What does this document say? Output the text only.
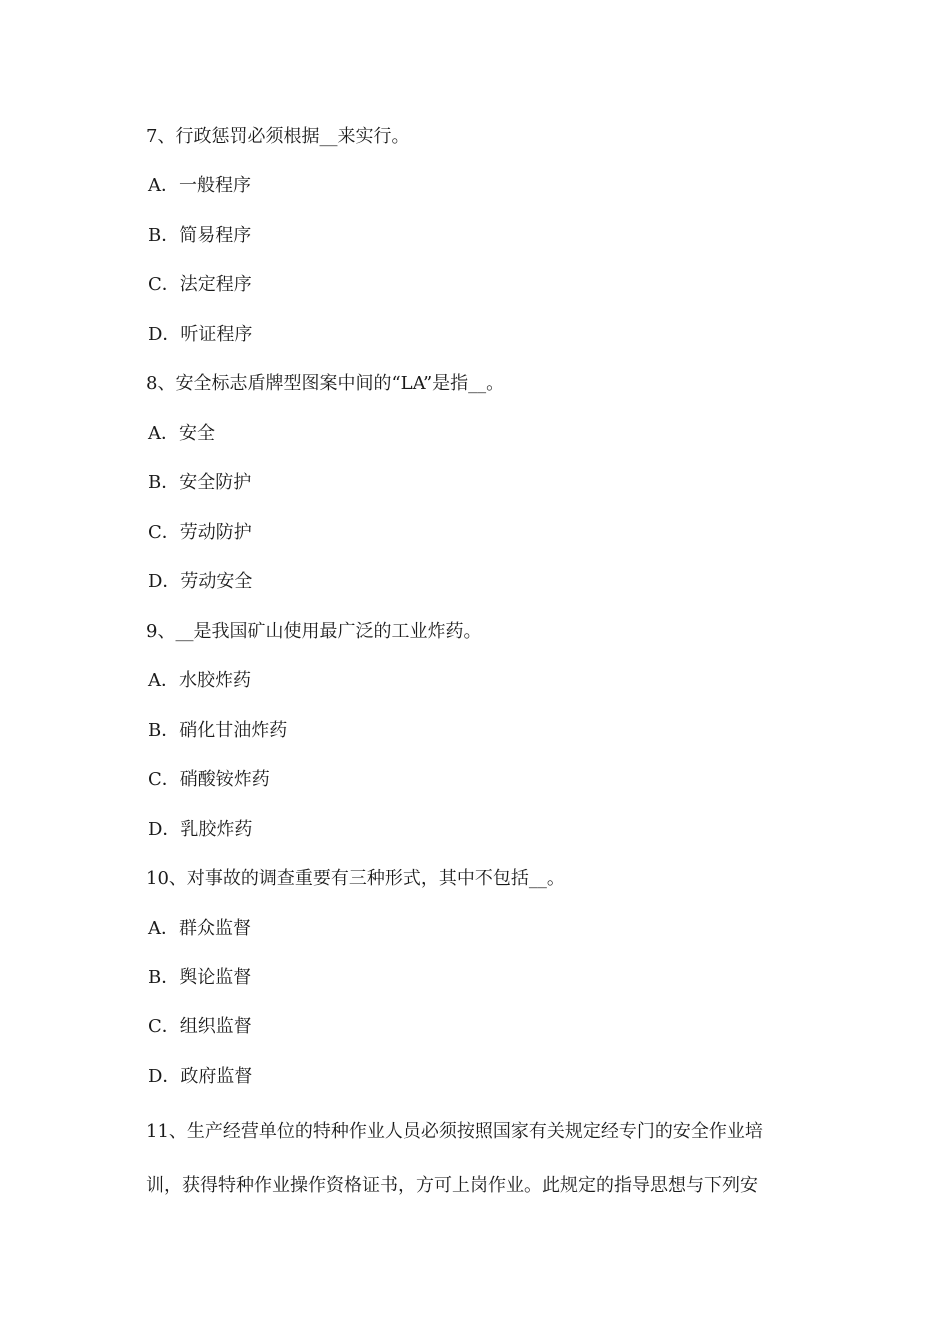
7、行政惩罚必须根据__来实行。
A．一般程序
B．简易程序
C．法定程序
D．听证程序
8、安全标志盾牌型图案中间的“LA”是指__。
A．安全
B．安全防护
C．劳动防护
D．劳动安全
9、__是我国矿山使用最广泛的工业炸药。
A．水胶炸药
B．硝化甘油炸药
C．硝酸铵炸药
D．乳胶炸药
10、对事故的调查重要有三种形式，其中不包括__。
A．群众监督
B．舆论监督
C．组织监督
D．政府监督
11、生产经营单位的特种作业人员必须按照国家有关规定经专门的安全作业培
训，获得特种作业操作资格证书，方可上岗作业。此规定的指导思想与下列安
